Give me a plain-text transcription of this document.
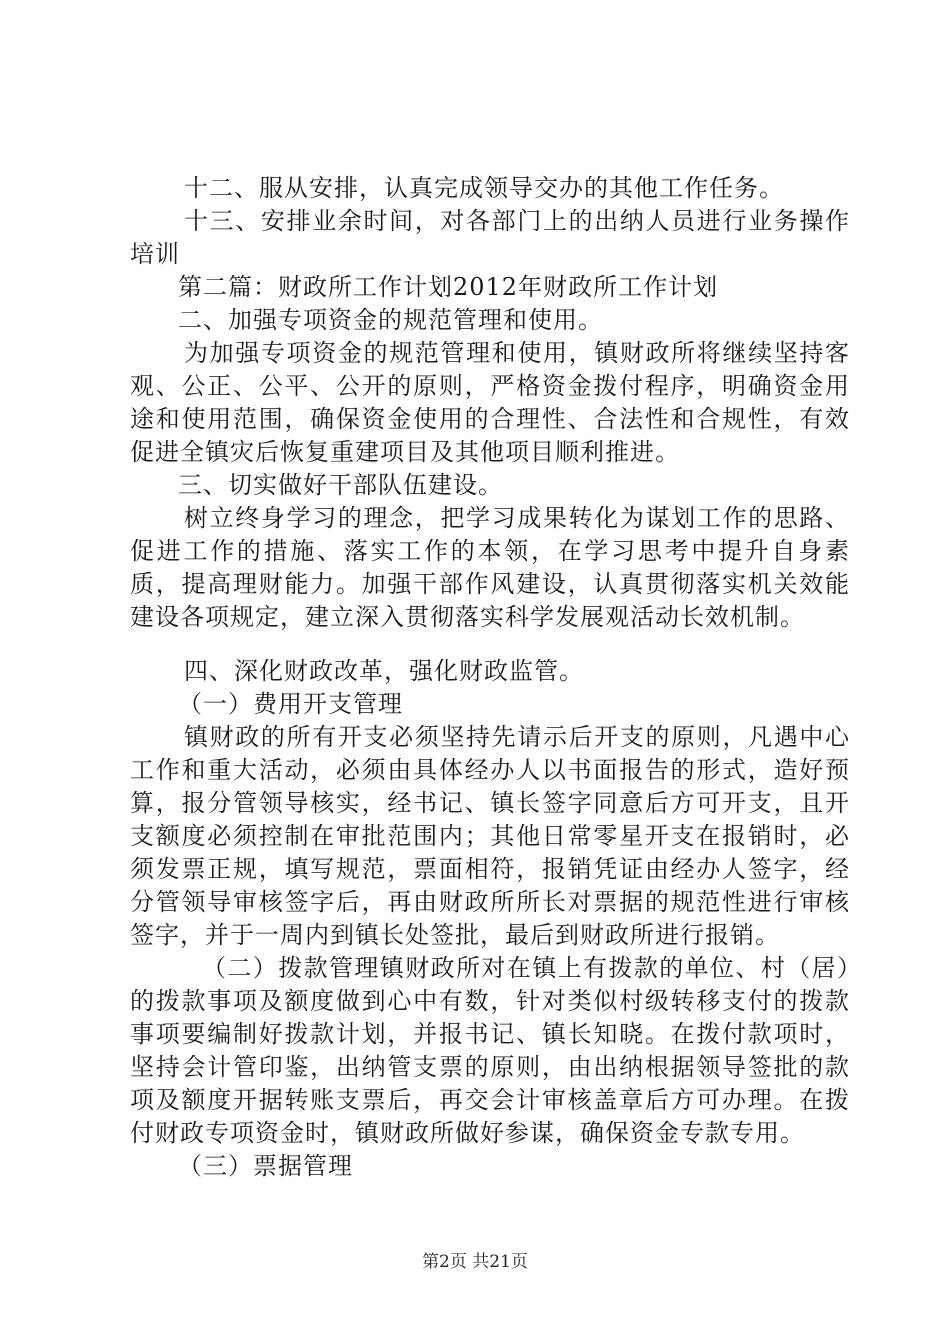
十二、服从安排，认真完成领导交办的其他工作任务。

十三、安排业余时间，对各部门上的出纳人员进行业务操作培训

第二篇：财政所工作计划2012年财政所工作计划

二、加强专项资金的规范管理和使用。

为加强专项资金的规范管理和使用，镇财政所将继续坚持客观、公正、公平、公开的原则，严格资金拨付程序，明确资金用途和使用范围，确保资金使用的合理性、合法性和合规性，有效促进全镇灾后恢复重建项目及其他项目顺利推进。

三、切实做好干部队伍建设。

树立终身学习的理念，把学习成果转化为谋划工作的思路、促进工作的措施、落实工作的本领，在学习思考中提升自身素质，提高理财能力。加强干部作风建设，认真贯彻落实机关效能建设各项规定，建立深入贯彻落实科学发展观活动长效机制。

四、深化财政改革，强化财政监管。

（一）费用开支管理

镇财政的所有开支必须坚持先请示后开支的原则，凡遇中心工作和重大活动，必须由具体经办人以书面报告的形式，造好预算，报分管领导核实，经书记、镇长签字同意后方可开支，且开支额度必须控制在审批范围内；其他日常零星开支在报销时，必须发票正规，填写规范，票面相符，报销凭证由经办人签字，经分管领导审核签字后，再由财政所所长对票据的规范性进行审核签字，并于一周内到镇长处签批，最后到财政所进行报销。

（二）拨款管理镇财政所对在镇上有拨款的单位、村（居）的拨款事项及额度做到心中有数，针对类似村级转移支付的拨款事项要编制好拨款计划，并报书记、镇长知晓。在拨付款项时，坚持会计管印鉴，出纳管支票的原则，由出纳根据领导签批的款项及额度开据转账支票后，再交会计审核盖章后方可办理。在拨付财政专项资金时，镇财政所做好参谋，确保资金专款专用。

（三）票据管理

第2页 共21页
